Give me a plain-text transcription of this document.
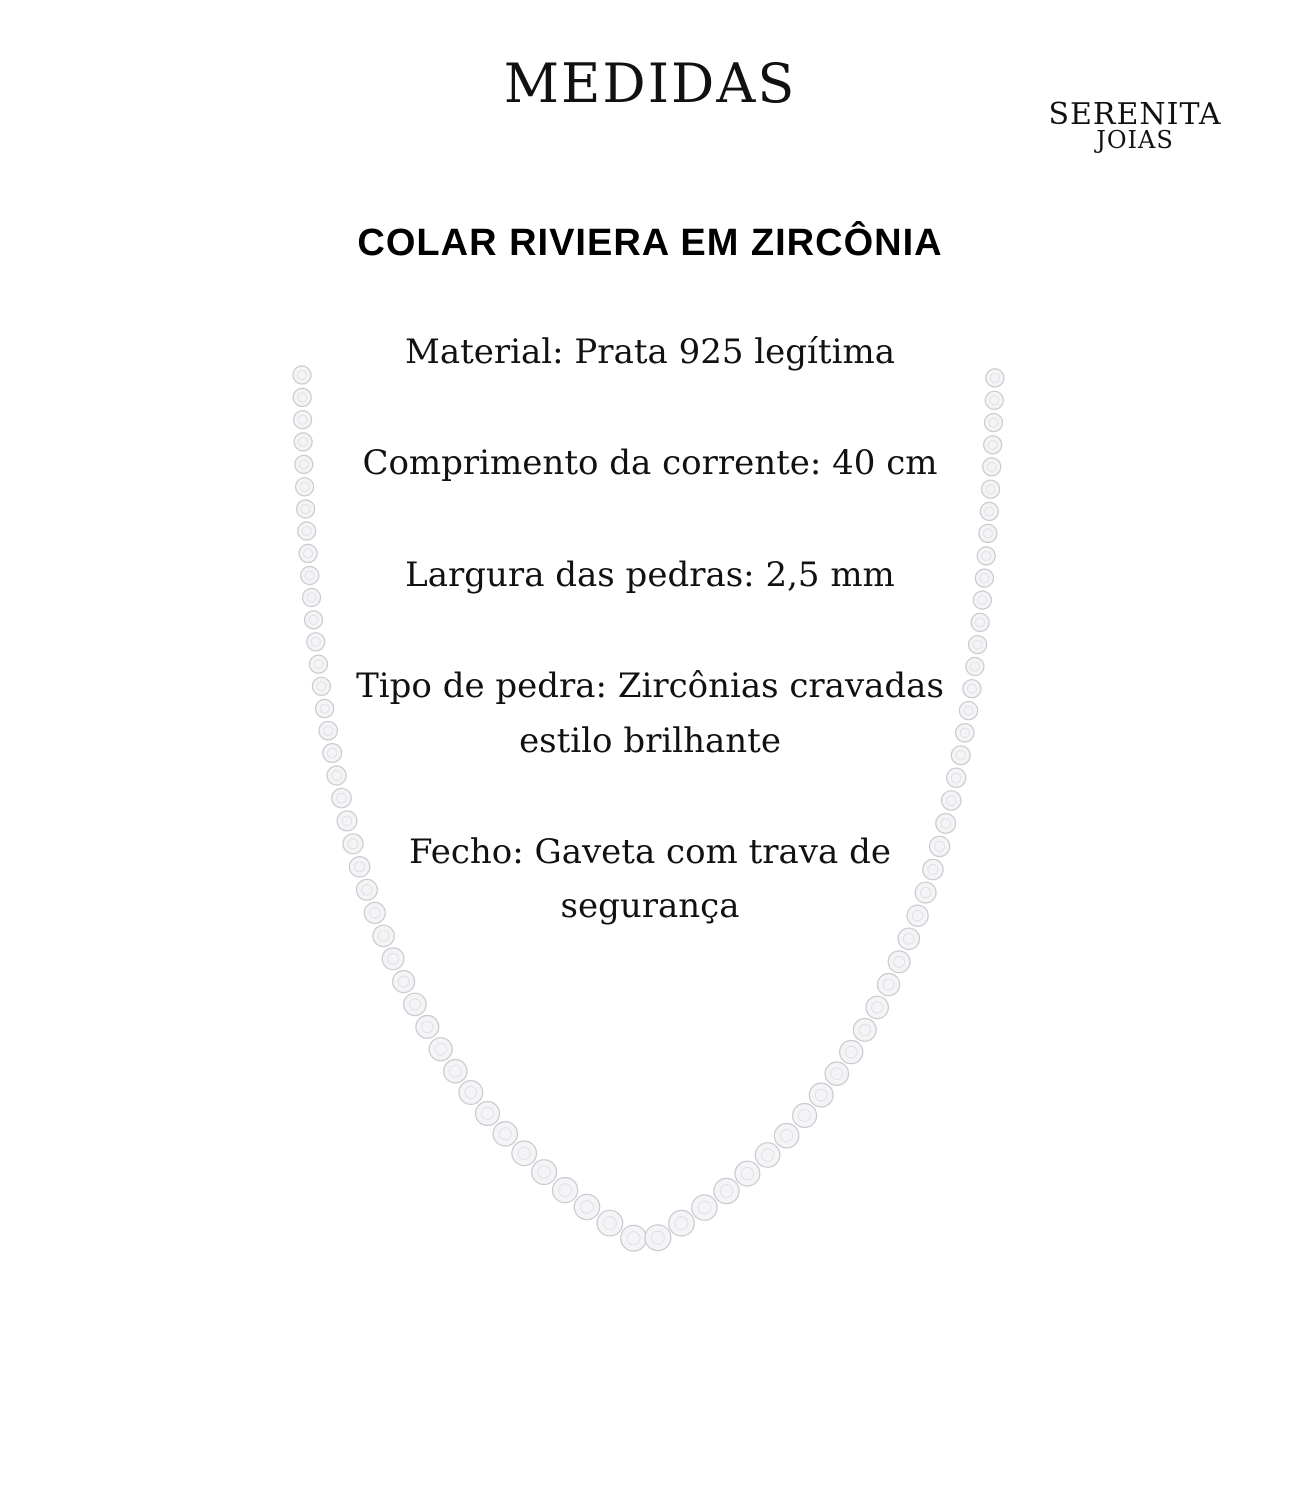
MEDIDAS	SERENITA
JOIAS
COLAR RIVIERA EM ZIRCÔNIA

Material: Prata 925 legítima

Comprimento da corrente: 40 cm

Largura das pedras: 2,5 mm

Tipo de pedra: Zircônias cravadas estilo brilhante

Fecho: Gaveta com trava de segurança
